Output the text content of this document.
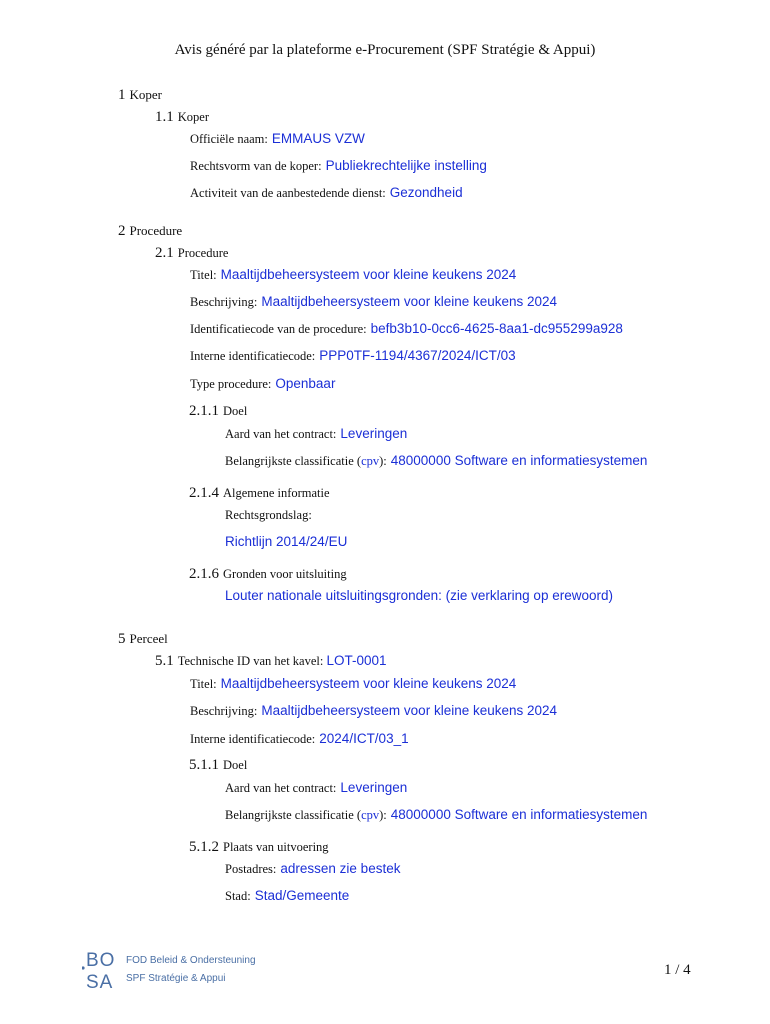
Avis généré par la plateforme e-Procurement (SPF Stratégie & Appui)
1 Koper
1.1 Koper
Officiële naam: EMMAUS VZW
Rechtsvorm van de koper: Publiekrechtelijke instelling
Activiteit van de aanbestedende dienst: Gezondheid
2 Procedure
2.1 Procedure
Titel: Maaltijdbeheersysteem voor kleine keukens 2024
Beschrijving: Maaltijdbeheersysteem voor kleine keukens 2024
Identificatiecode van de procedure: befb3b10-0cc6-4625-8aa1-dc955299a928
Interne identificatiecode: PPP0TF-1194/4367/2024/ICT/03
Type procedure: Openbaar
2.1.1 Doel
Aard van het contract: Leveringen
Belangrijkste classificatie (cpv): 48000000 Software en informatiesystemen
2.1.4 Algemene informatie
Rechtsgrondslag:
Richtlijn 2014/24/EU
2.1.6 Gronden voor uitsluiting
Louter nationale uitsluitingsgronden: (zie verklaring op erewoord)
5 Perceel
5.1 Technische ID van het kavel: LOT-0001
Titel: Maaltijdbeheersysteem voor kleine keukens 2024
Beschrijving: Maaltijdbeheersysteem voor kleine keukens 2024
Interne identificatiecode: 2024/ICT/03_1
5.1.1 Doel
Aard van het contract: Leveringen
Belangrijkste classificatie (cpv): 48000000 Software en informatiesystemen
5.1.2 Plaats van uitvoering
Postadres: adressen zie bestek
Stad: Stad/Gemeente
BO
SA
FOD Beleid & Ondersteuning
SPF Stratégie & Appui
1 / 4
